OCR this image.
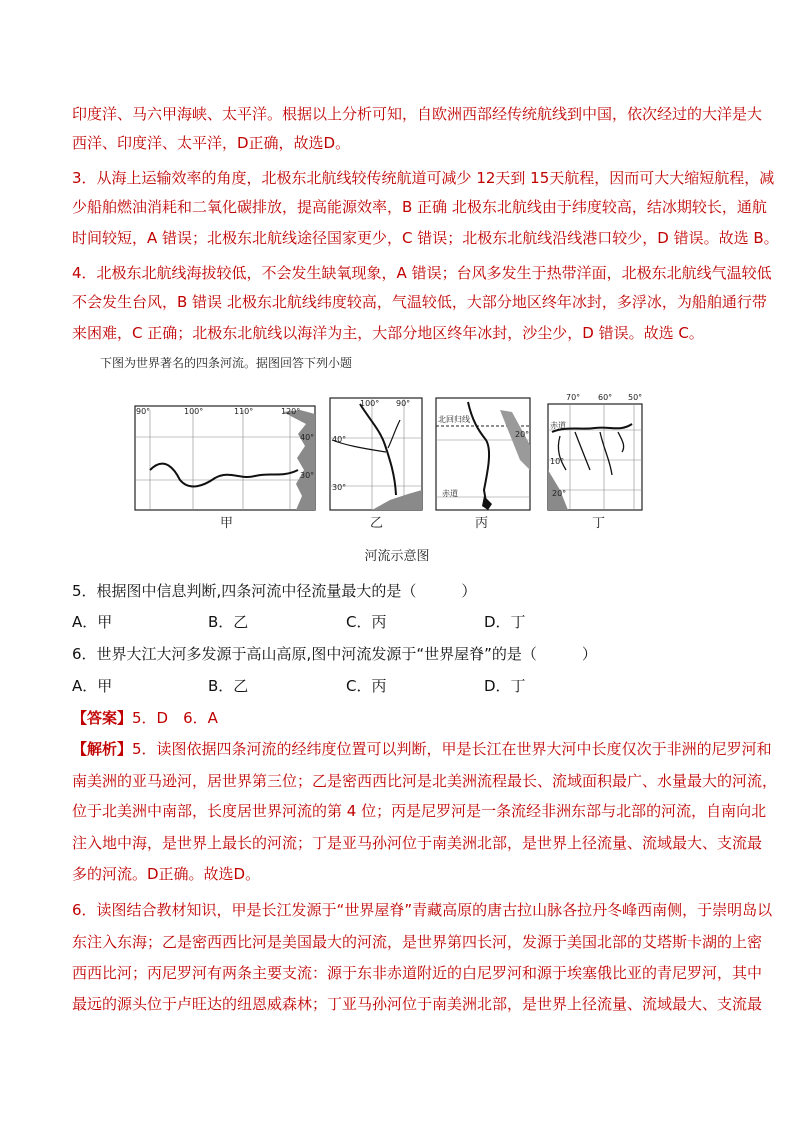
印度洋、马六甲海峡、太平洋。根据以上分析可知，自欧洲西部经传统航线到中国，依次经过的大洋是大
西洋、印度洋、太平洋，D正确，故选D。
3．从海上运输效率的角度，北极东北航线较传统航道可减少 12天到 15天航程，因而可大大缩短航程，减
少船舶燃油消耗和二氧化碳排放，提高能源效率，B 正确 北极东北航线由于纬度较高，结冰期较长，通航
时间较短，A 错误；北极东北航线途径国家更少，C 错误；北极东北航线沿线港口较少，D 错误。故选 B。
4．北极东北航线海拔较低，不会发生缺氧现象，A 错误；台风多发生于热带洋面，北极东北航线气温较低
不会发生台风，B 错误 北极东北航线纬度较高，气温较低，大部分地区终年冰封，多浮冰，为船舶通行带
来困难，C 正确；北极东北航线以海洋为主，大部分地区终年冰封，沙尘少，D 错误。故选 C。
下图为世界著名的四条河流。据图回答下列小题
90°	100°	110°	120°
40°
30°
100° 90°
40°
30°
北回归线
20°
赤道
70° 60° 50°
赤道
10°
20°
甲	乙	丙	丁
河流示意图
5．根据图中信息判断,四条河流中径流量最大的是（　　　）
A．甲	B．乙	C．丙	D．丁
6．世界大江大河多发源于高山高原,图中河流发源于“世界屋脊”的是（　　　）
A．甲	B．乙	C．丙	D．丁
【答案】5．D　6．A
【解析】5．读图依据四条河流的经纬度位置可以判断，甲是长江在世界大河中长度仅次于非洲的尼罗河和
南美洲的亚马逊河，居世界第三位；乙是密西西比河是北美洲流程最长、流域面积最广、水量最大的河流，
位于北美洲中南部，长度居世界河流的第 4 位；丙是尼罗河是一条流经非洲东部与北部的河流，自南向北
注入地中海，是世界上最长的河流；丁是亚马孙河位于南美洲北部，是世界上径流量、流域最大、支流最
多的河流。D正确。故选D。
6．读图结合教材知识，甲是长江发源于“世界屋脊”青藏高原的唐古拉山脉各拉丹冬峰西南侧，于崇明岛以
东注入东海；乙是密西西比河是美国最大的河流，是世界第四长河，发源于美国北部的艾塔斯卡湖的上密
西西比河；丙尼罗河有两条主要支流：源于东非赤道附近的白尼罗河和源于埃塞俄比亚的青尼罗河，其中
最远的源头位于卢旺达的纽恩威森林；丁亚马孙河位于南美洲北部，是世界上径流量、流域最大、支流最
